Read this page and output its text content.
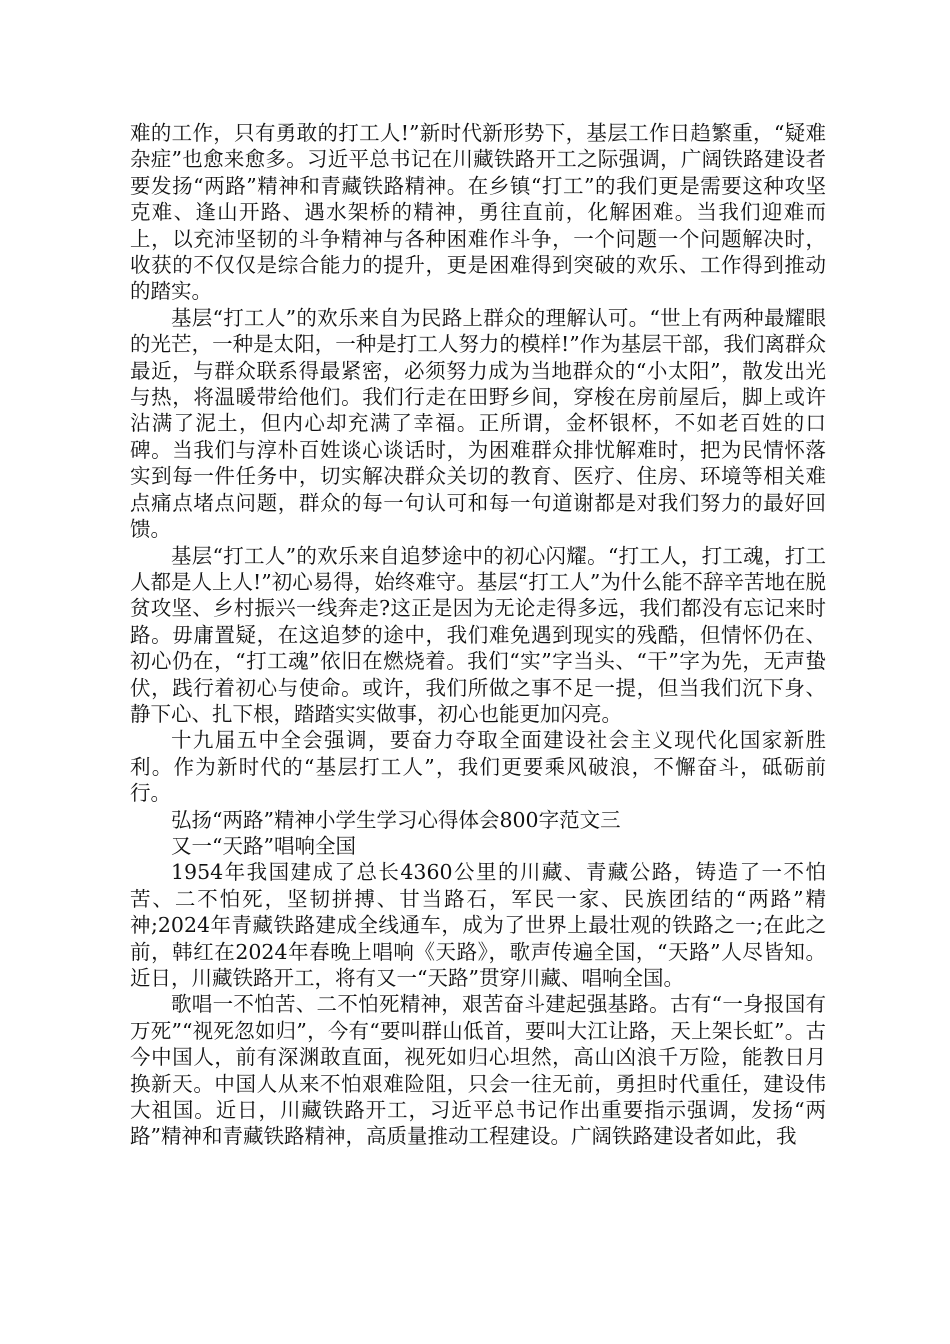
难的工作，只有勇敢的打工人!”新时代新形势下，基层工作日趋繁重，“疑难杂症”也愈来愈多。习近平总书记在川藏铁路开工之际强调，广阔铁路建设者要发扬“两路”精神和青藏铁路精神。在乡镇“打工”的我们更是需要这种攻坚克难、逢山开路、遇水架桥的精神，勇往直前，化解困难。当我们迎难而上，以充沛坚韧的斗争精神与各种困难作斗争，一个问题一个问题解决时，收获的不仅仅是综合能力的提升，更是困难得到突破的欢乐、工作得到推动的踏实。

基层“打工人”的欢乐来自为民路上群众的理解认可。“世上有两种最耀眼的光芒，一种是太阳，一种是打工人努力的模样!”作为基层干部，我们离群众最近，与群众联系得最紧密，必须努力成为当地群众的“小太阳”，散发出光与热，将温暖带给他们。我们行走在田野乡间，穿梭在房前屋后，脚上或许沾满了泥土，但内心却充满了幸福。正所谓，金杯银杯，不如老百姓的口碑。当我们与淳朴百姓谈心谈话时，为困难群众排忧解难时，把为民情怀落实到每一件任务中，切实解决群众关切的教育、医疗、住房、环境等相关难点痛点堵点问题，群众的每一句认可和每一句道谢都是对我们努力的最好回馈。

基层“打工人”的欢乐来自追梦途中的初心闪耀。“打工人，打工魂，打工人都是人上人!”初心易得，始终难守。基层“打工人”为什么能不辞辛苦地在脱贫攻坚、乡村振兴一线奔走?这正是因为无论走得多远，我们都没有忘记来时路。毋庸置疑，在这追梦的途中，我们难免遇到现实的残酷，但情怀仍在、初心仍在，“打工魂”依旧在燃烧着。我们“实”字当头、“干”字为先，无声蛰伏，践行着初心与使命。或许，我们所做之事不足一提，但当我们沉下身、静下心、扎下根，踏踏实实做事，初心也能更加闪亮。

十九届五中全会强调，要奋力夺取全面建设社会主义现代化国家新胜利。作为新时代的“基层打工人”，我们更要乘风破浪，不懈奋斗，砥砺前行。

弘扬“两路”精神小学生学习心得体会800字范文三

又一“天路”唱响全国

1954年我国建成了总长4360公里的川藏、青藏公路，铸造了一不怕苦、二不怕死，坚韧拼搏、甘当路石，军民一家、民族团结的“两路”精神;2024年青藏铁路建成全线通车，成为了世界上最壮观的铁路之一;在此之前，韩红在2024年春晚上唱响《天路》，歌声传遍全国，“天路”人尽皆知。近日，川藏铁路开工，将有又一“天路”贯穿川藏、唱响全国。

歌唱一不怕苦、二不怕死精神，艰苦奋斗建起强基路。古有“一身报国有万死”“视死忽如归”，今有“要叫群山低首，要叫大江让路，天上架长虹”。古今中国人，前有深渊敢直面，视死如归心坦然，高山凶浪千万险，能教日月换新天。中国人从来不怕艰难险阻，只会一往无前，勇担时代重任，建设伟大祖国。近日，川藏铁路开工，习近平总书记作出重要指示强调，发扬“两路”精神和青藏铁路精神，高质量推动工程建设。广阔铁路建设者如此，我
